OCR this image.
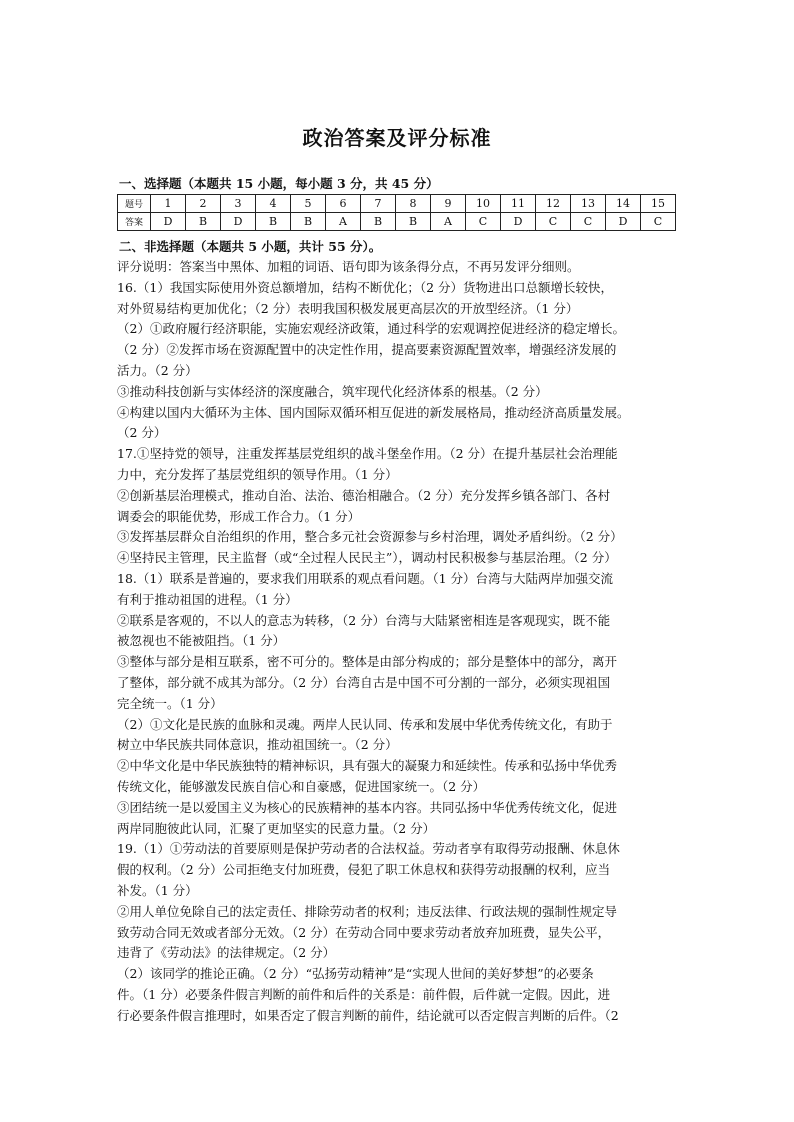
政治答案及评分标准
一、选择题（本题共 15 小题，每小题 3 分，共 45 分）
题号	1	2	3	4	5	6	7	8	9	10	11	12	13	14	15
答案	D	B	D	B	B	A	B	B	A	C	D	C	C	D	C
二、非选择题（本题共 5 小题，共计 55 分）。

评分说明：答案当中黑体、加粗的词语、语句即为该条得分点，不再另发评分细则。

16.（1）我国实际使用外资总额增加，结构不断优化；（2 分）货物进出口总额增长较快，

对外贸易结构更加优化；（2 分）表明我国积极发展更高层次的开放型经济。（1 分）

（2）①政府履行经济职能，实施宏观经济政策，通过科学的宏观调控促进经济的稳定增长。

（2 分）②发挥市场在资源配置中的决定性作用，提高要素资源配置效率，增强经济发展的

活力。（2 分）

③推动科技创新与实体经济的深度融合，筑牢现代化经济体系的根基。（2 分）

④构建以国内大循环为主体、国内国际双循环相互促进的新发展格局，推动经济高质量发展。

（2 分）

17.①坚持党的领导，注重发挥基层党组织的战斗堡垒作用。（2 分）在提升基层社会治理能

力中，充分发挥了基层党组织的领导作用。（1 分）

②创新基层治理模式，推动自治、法治、德治相融合。（2 分）充分发挥乡镇各部门、各村

调委会的职能优势，形成工作合力。（1 分）

③发挥基层群众自治组织的作用，整合多元社会资源参与乡村治理，调处矛盾纠纷。（2 分）

④坚持民主管理，民主监督（或“全过程人民民主”），调动村民积极参与基层治理。（2 分）

18.（1）联系是普遍的，要求我们用联系的观点看问题。（1 分）台湾与大陆两岸加强交流

有利于推动祖国的进程。（1 分）

②联系是客观的，不以人的意志为转移，（2 分）台湾与大陆紧密相连是客观现实，既不能

被忽视也不能被阻挡。（1 分）

③整体与部分是相互联系，密不可分的。整体是由部分构成的；部分是整体中的部分，离开

了整体，部分就不成其为部分。（2 分）台湾自古是中国不可分割的一部分，必须实现祖国

完全统一。（1 分）

（2）①文化是民族的血脉和灵魂。两岸人民认同、传承和发展中华优秀传统文化，有助于

树立中华民族共同体意识，推动祖国统一。（2 分）

②中华文化是中华民族独特的精神标识，具有强大的凝聚力和延续性。传承和弘扬中华优秀

传统文化，能够激发民族自信心和自豪感，促进国家统一。（2 分）

③团结统一是以爱国主义为核心的民族精神的基本内容。共同弘扬中华优秀传统文化，促进

两岸同胞彼此认同，汇聚了更加坚实的民意力量。（2 分）

19.（1）①劳动法的首要原则是保护劳动者的合法权益。劳动者享有取得劳动报酬、休息休

假的权利。（2 分）公司拒绝支付加班费，侵犯了职工休息权和获得劳动报酬的权利，应当

补发。（1 分）

②用人单位免除自己的法定责任、排除劳动者的权利；违反法律、行政法规的强制性规定导

致劳动合同无效或者部分无效。（2 分）在劳动合同中要求劳动者放弃加班费，显失公平，

违背了《劳动法》的法律规定。（2 分）

（2）该同学的推论正确。（2 分）“弘扬劳动精神”是“实现人世间的美好梦想”的必要条

件。（1 分）必要条件假言判断的前件和后件的关系是：前件假，后件就一定假。因此，进

行必要条件假言推理时，如果否定了假言判断的前件，结论就可以否定假言判断的后件。（2
